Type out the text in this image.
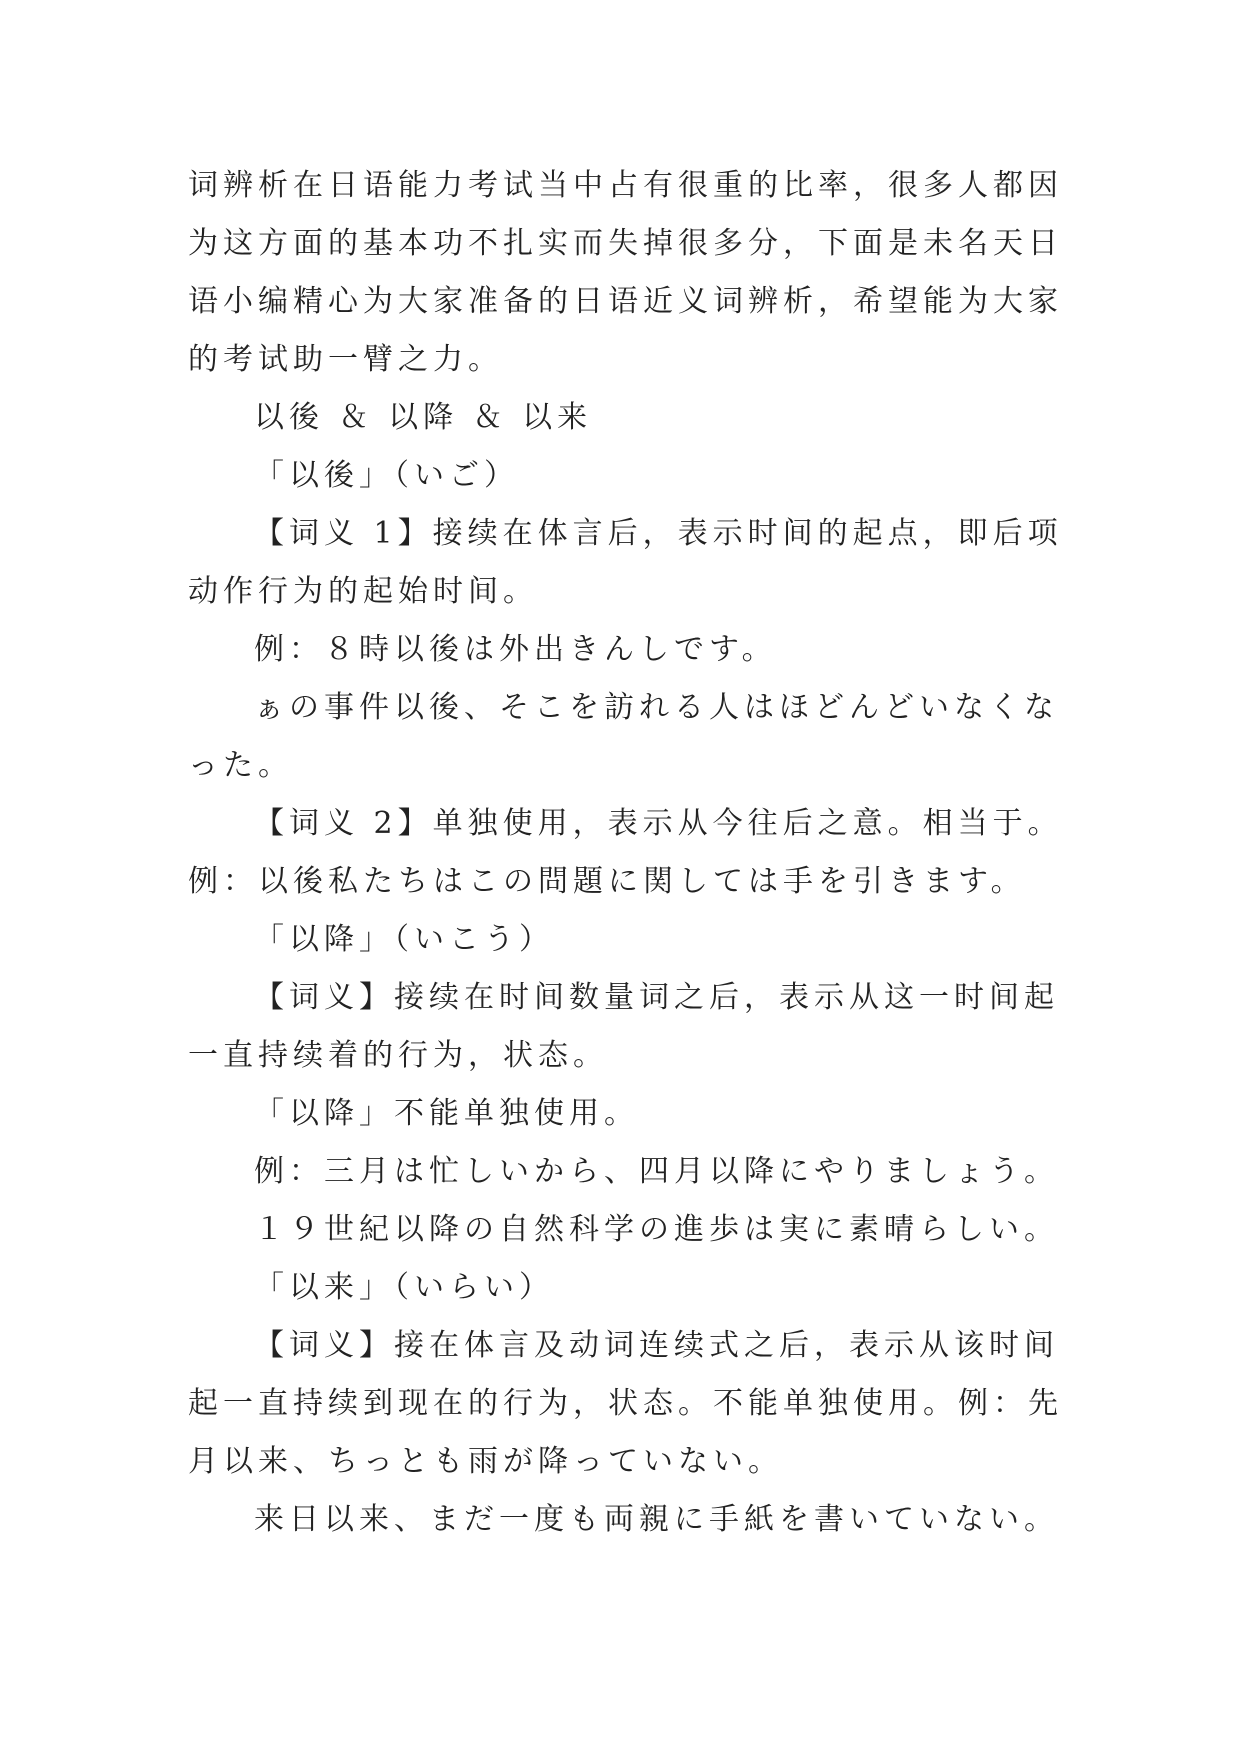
词辨析在日语能力考试当中占有很重的比率，很多人都因为这方面的基本功不扎实而失掉很多分，下面是未名天日语小编精心为大家准备的日语近义词辨析，希望能为大家的考试助一臂之力。

以後 ＆ 以降 ＆ 以来

「以後」（いご）

【词义 1】接续在体言后，表示时间的起点，即后项动作行为的起始时间。

例：８時以後は外出きんしです。

ぁの事件以後、そこを訪れる人はほどんどいなくなった。

【词义 2】单独使用，表示从今往后之意。相当于。例：以後私たちはこの問題に関しては手を引きます。

「以降」（いこう）

【词义】接续在时间数量词之后，表示从这一时间起一直持续着的行为，状态。

「以降」不能单独使用。

例：三月は忙しいから、四月以降にやりましょう。

１９世紀以降の自然科学の進歩は実に素晴らしい。

「以来」（いらい）

【词义】接在体言及动词连续式之后，表示从该时间起一直持续到现在的行为，状态。不能单独使用。例：先月以来、ちっとも雨が降っていない。

来日以来、まだ一度も両親に手紙を書いていない。
